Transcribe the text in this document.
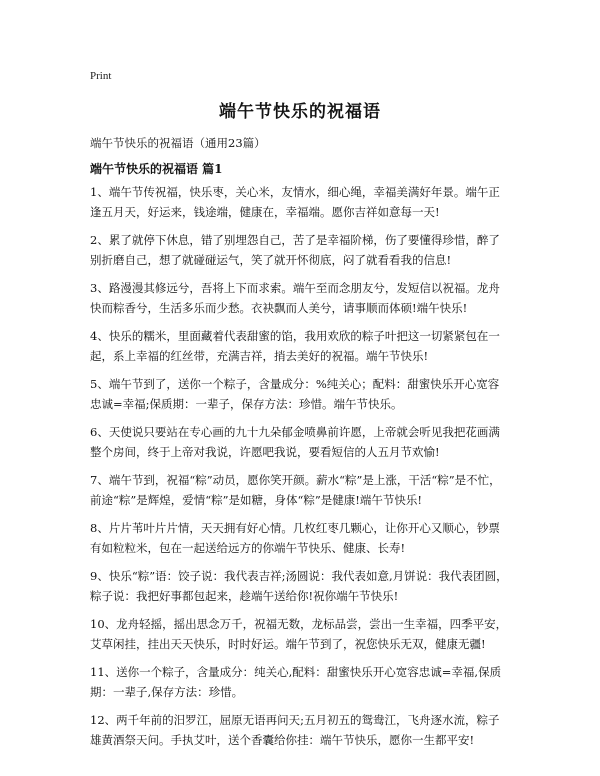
Print
端午节快乐的祝福语
端午节快乐的祝福语（通用23篇）
端午节快乐的祝福语 篇1

1、端午节传祝福，快乐枣，关心米，友情水，细心绳，幸福美满好年景。端午正逢五月天，好运来，钱途端，健康在，幸福端。愿你吉祥如意每一天!

2、累了就停下休息，错了别埋怨自己，苦了是幸福阶梯，伤了要懂得珍惜，醉了别折磨自己，想了就碰碰运气，笑了就开怀彻底，闷了就看看我的信息!

3、路漫漫其修远兮，吾将上下而求索。端午至而念朋友兮，发短信以祝福。龙舟快而粽香兮，生活多乐而少愁。衣袂飘而人美兮，请事顺而体硕!端午快乐!

4、快乐的糯米，里面藏着代表甜蜜的馅，我用欢欣的粽子叶把这一切紧紧包在一起，系上幸福的红丝带，充满吉祥，捎去美好的祝福。端午节快乐!

5、端午节到了，送你一个粽子，含量成分：%纯关心；配料：甜蜜快乐开心宽容忠诚=幸福;保质期：一辈子，保存方法：珍惜。端午节快乐。

6、天使说只要站在专心画的九十九朵郁金喷鼻前许愿，上帝就会听见我把花画满整个房间，终于上帝对我说，许愿吧我说，要看短信的人五月节欢愉!

7、端午节到，祝福“粽”动员，愿你笑开颜。薪水“粽”是上涨，干活“粽”是不忙，前途“粽”是辉煌，爱情“粽”是如糖，身体“粽”是健康!端午节快乐!

8、片片苇叶片片情，天天拥有好心情。几枚红枣几颗心，让你开心又顺心，钞票有如粒粒米，包在一起送给远方的你端午节快乐、健康、长寿!

9、快乐“粽”语：饺子说：我代表吉祥;汤圆说：我代表如意,月饼说：我代表团圆，粽子说：我把好事都包起来，趁端午送给你!祝你端午节快乐!

10、龙舟轻摇，摇出思念万千，祝福无数，龙标品尝，尝出一生幸福，四季平安，艾草闲挂，挂出天天快乐，时时好运。端午节到了，祝您快乐无双，健康无疆!

11、送你一个粽子，含量成分：纯关心,配料：甜蜜快乐开心宽容忠诚=幸福,保质期：一辈子,保存方法：珍惜。

12、两千年前的汨罗江，屈原无语再问天;五月初五的鸳鸯江，飞舟逐水流，粽子雄黄酒祭天问。手执艾叶，送个香囊给你挂：端午节快乐，愿你一生都平安!
